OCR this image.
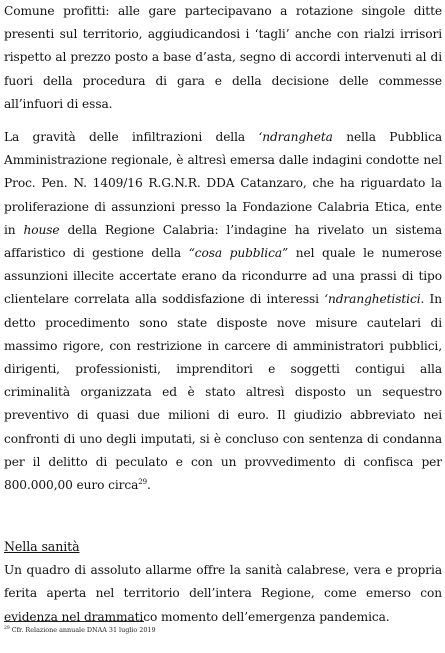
Comune profitti: alle gare partecipavano a rotazione singole ditte presenti sul territorio, aggiudicandosi i ‘tagli’ anche con rialzi irrisori rispetto al prezzo posto a base d’asta, segno di accordi intervenuti al di fuori della procedura di gara e della decisione delle commesse all’infuori di essa.

La gravità delle infiltrazioni della ‘ndrangheta nella Pubblica Amministrazione regionale, è altresì emersa dalle indagini condotte nel Proc. Pen. N. 1409/16 R.G.N.R. DDA Catanzaro, che ha riguardato la proliferazione di assunzioni presso la Fondazione Calabria Etica, ente in house della Regione Calabria: l’indagine ha rivelato un sistema affaristico di gestione della “cosa pubblica” nel quale le numerose assunzioni illecite accertate erano da ricondurre ad una prassi di tipo clientelare correlata alla soddisfazione di interessi ‘ndranghetistici. In detto procedimento sono state disposte nove misure cautelari di massimo rigore, con restrizione in carcere di amministratori pubblici, dirigenti, professionisti, imprenditori e soggetti contigui alla criminalità organizzata ed è stato altresì disposto un sequestro preventivo di quasi due milioni di euro. Il giudizio abbreviato nei confronti di uno degli imputati, si è concluso con sentenza di condanna per il delitto di peculato e con un provvedimento di confisca per 800.000,00 euro circa$^{29}$.

Nella sanità

Un quadro di assoluto allarme offre la sanità calabrese, vera e propria ferita aperta nel territorio dell’intera Regione, come emerso con evidenza nel drammatico momento dell’emergenza pandemica.

$^{29}$ Cfr. Relazione annuale DNAA 31 luglio 2019
